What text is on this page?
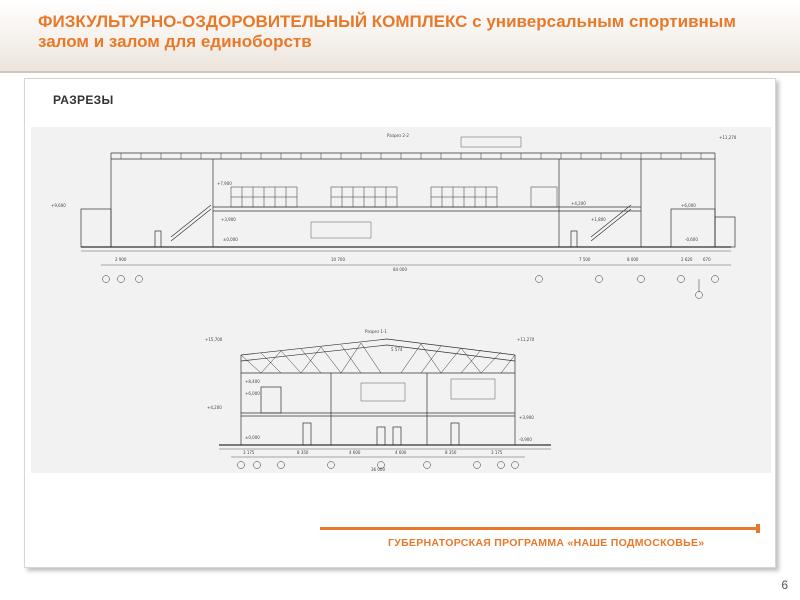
ФИЗКУЛЬТУРНО-ОЗДОРОВИТЕЛЬНЫЙ КОМПЛЕКС с универсальным спортивным залом и залом для единоборств
РАЗРЕЗЫ
Разрез 2-2	+11,270
+9,600
+7,900
+6,000
+4,200
+3,900	+1,800
±0,000	-0,600
2 900	10 700
84 000
7 500	8 000	2 620	670
Разрез 1-1
+15,700	+11,270
+8,400
+6,000
+4,200
+3,900
±0,000	-0,900
3 175	8 350	4 600	4 600	8 350	3 175
36 000
5 574
ГУБЕРНАТОРСКАЯ ПРОГРАММА «НАШЕ ПОДМОСКОВЬЕ»
6
